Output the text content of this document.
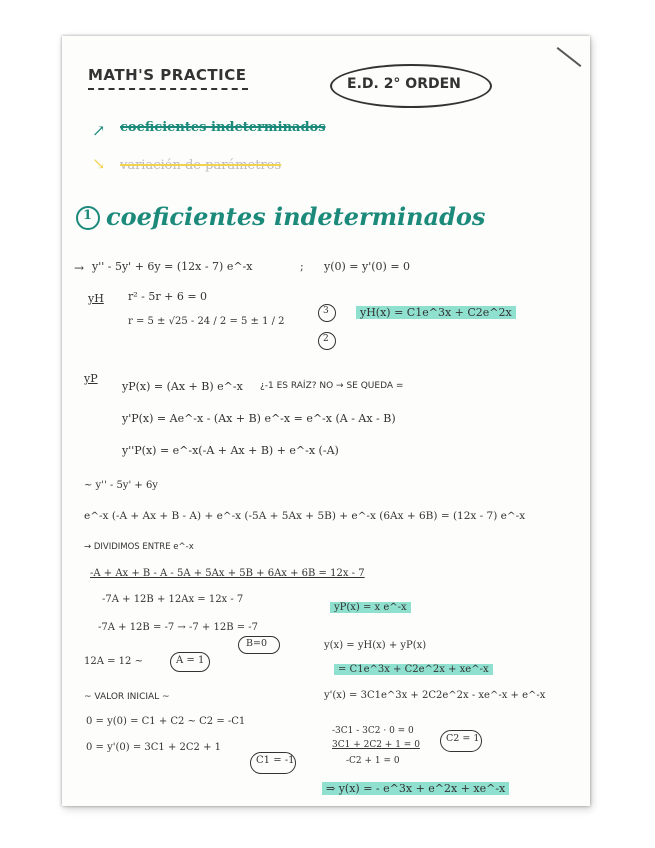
MATH'S PRACTICE	E.D. 2° ORDEN
↗ coeficientes indeterminados
↘ variación de parámetros
1 coeficientes indeterminados
→ y'' - 5y' + 6y = (12x - 7) e^-x	; y(0) = y'(0) = 0
yH r² - 5r + 6 = 0
r = 5 ± √25 - 24 / 2 = 5 ± 1 / 2
3
2
yH(x) = C1e^3x + C2e^2x
yP
yP(x) = (Ax + B) e^-x ¿-1 ES RAÍZ? NO → SE QUEDA =
y'P(x) = Ae^-x - (Ax + B) e^-x = e^-x (A - Ax - B)
y''P(x) = e^-x(-A + Ax + B) + e^-x (-A)
~ y'' - 5y' + 6y
e^-x (-A + Ax + B - A) + e^-x (-5A + 5Ax + 5B) + e^-x (6Ax + 6B) = (12x - 7) e^-x
→ DIVIDIMOS ENTRE e^-x
-A + Ax + B - A - 5A + 5Ax + 5B + 6Ax + 6B = 12x - 7
-7A + 12B + 12Ax = 12x - 7
-7A + 12B = -7 → -7 + 12B = -7
B=0
12A = 12 ~	A = 1
yP(x) = x e^-x
y(x) = yH(x) + yP(x)
= C1e^3x + C2e^2x + xe^-x
y'(x) = 3C1e^3x + 2C2e^2x - xe^-x + e^-x
~ VALOR INICIAL ~
0 = y(0) = C1 + C2 ~ C2 = -C1
0 = y'(0) = 3C1 + 2C2 + 1
C1 = -1
-3C1 - 3C2 · 0 = 0
3C1 + 2C2 + 1 = 0
-C2 + 1 = 0
C2 = 1
⇒ y(x) = - e^3x + e^2x + xe^-x
